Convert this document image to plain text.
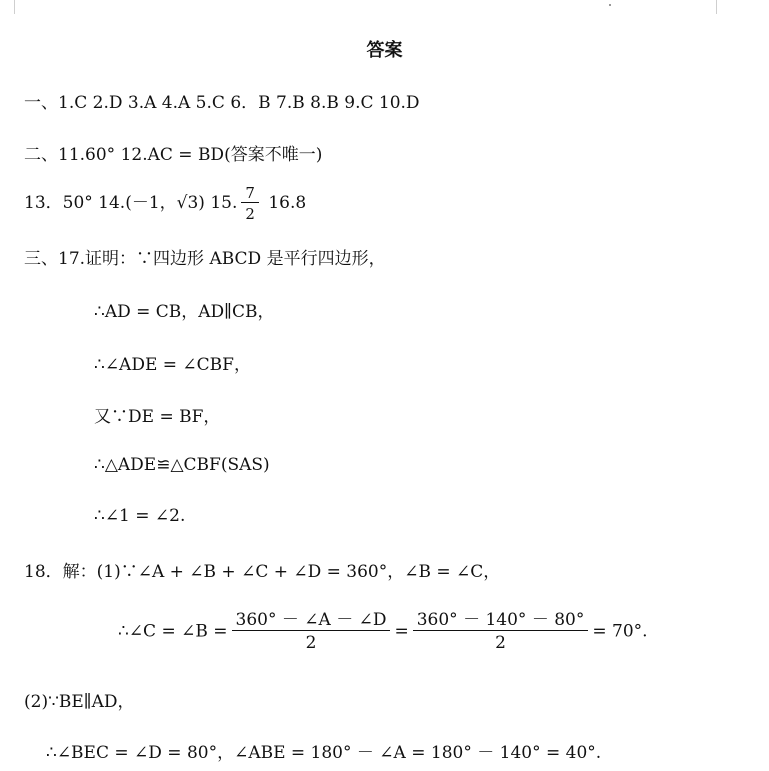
答案
一、1.C 2.D 3.A 4.A 5.C 6．B 7.B 8.B 9.C 10.D
二、11.60° 12.AC = BD(答案不唯一)
13．50° 14.(－1，√3) 15. $\frac{7}{2} 16.8$
三、17.证明：∵四边形 ABCD 是平行四边形，
∴AD = CB，AD∥CB，
∴∠ADE = ∠CBF，
又∵DE = BF，
∴△ADE≌△CBF(SAS)
∴∠1 = ∠2.
18．解：(1)∵∠A + ∠B + ∠C + ∠D = 360°，∠B = ∠C，
∴∠C = ∠B = $\frac{360^\circ - \angle A - \angle D}{2} = \frac{360^\circ - 140^\circ - 80^\circ}{2} = 70^\circ$.
(2)∵BE∥AD，
∴∠BEC = ∠D = 80°，∠ABE = 180° － ∠A = 180° － 140° = 40°.
